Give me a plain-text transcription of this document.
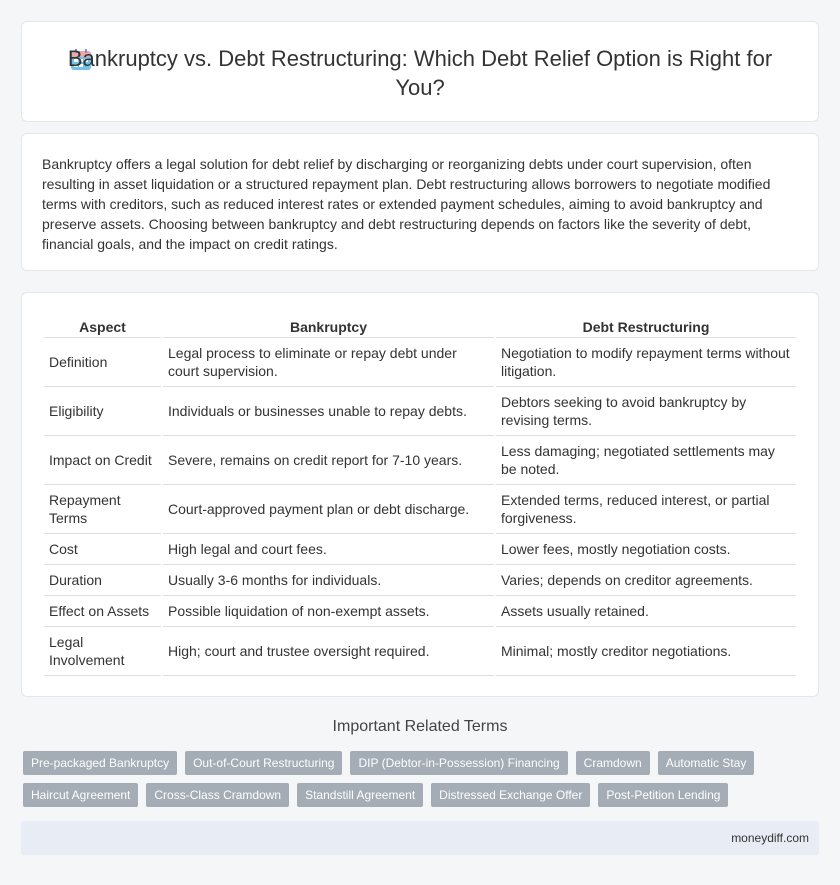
Bankruptcy vs. Debt Restructuring: Which Debt Relief Option is Right for You?

Bankruptcy offers a legal solution for debt relief by discharging or reorganizing debts under court supervision, often resulting in asset liquidation or a structured repayment plan. Debt restructuring allows borrowers to negotiate modified terms with creditors, such as reduced interest rates or extended payment schedules, aiming to avoid bankruptcy and preserve assets. Choosing between bankruptcy and debt restructuring depends on factors like the severity of debt, financial goals, and the impact on credit ratings.

Aspect	Bankruptcy	Debt Restructuring
Definition	Legal process to eliminate or repay debt under court supervision.	Negotiation to modify repayment terms without litigation.
Eligibility	Individuals or businesses unable to repay debts.	Debtors seeking to avoid bankruptcy by revising terms.
Impact on Credit	Severe, remains on credit report for 7-10 years.	Less damaging; negotiated settlements may be noted.
Repayment Terms	Court-approved payment plan or debt discharge.	Extended terms, reduced interest, or partial forgiveness.
Cost	High legal and court fees.	Lower fees, mostly negotiation costs.
Duration	Usually 3-6 months for individuals.	Varies; depends on creditor agreements.
Effect on Assets	Possible liquidation of non-exempt assets.	Assets usually retained.
Legal Involvement	High; court and trustee oversight required.	Minimal; mostly creditor negotiations.
Important Related Terms
Pre-packaged Bankruptcy	Out-of-Court Restructuring	DIP (Debtor-in-Possession) Financing	Cramdown	Automatic Stay
Haircut Agreement	Cross-Class Cramdown	Standstill Agreement	Distressed Exchange Offer	Post-Petition Lending
moneydiff.com
